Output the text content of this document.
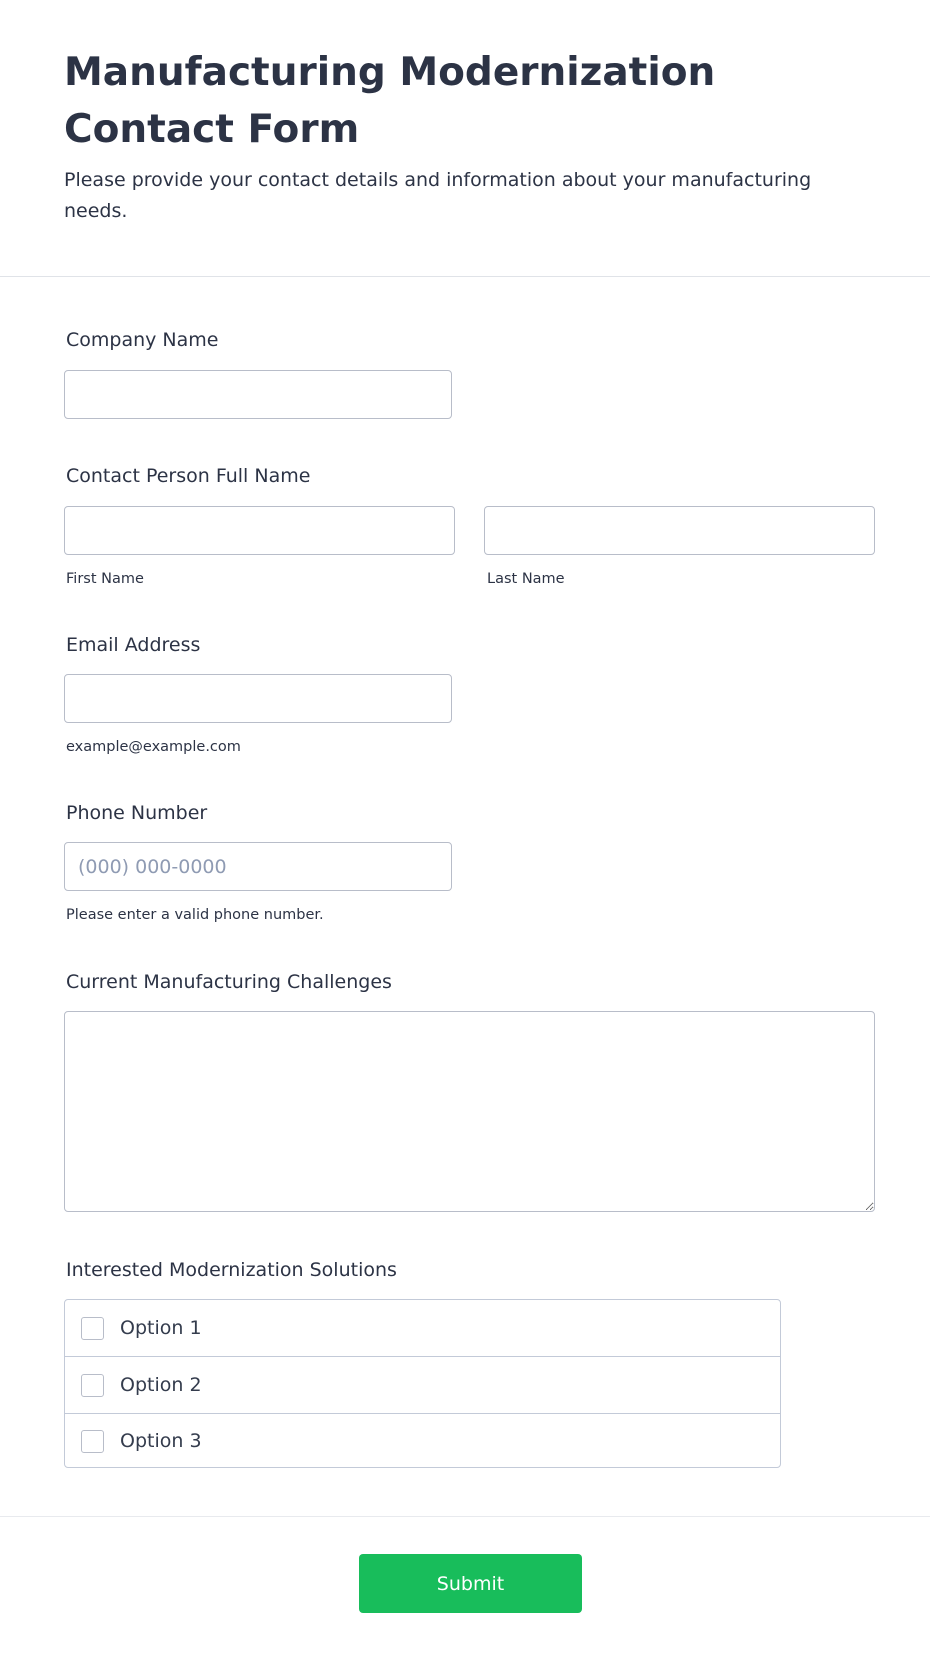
Manufacturing Modernization Contact Form

Please provide your contact details and information about your manufacturing needs.

Company Name
Contact Person Full Name
First Name	Last Name
Email Address
example@example.com
Phone Number
(000) 000-0000
Please enter a valid phone number.
Current Manufacturing Challenges
Interested Modernization Solutions
Option 1
Option 2
Option 3
Submit
